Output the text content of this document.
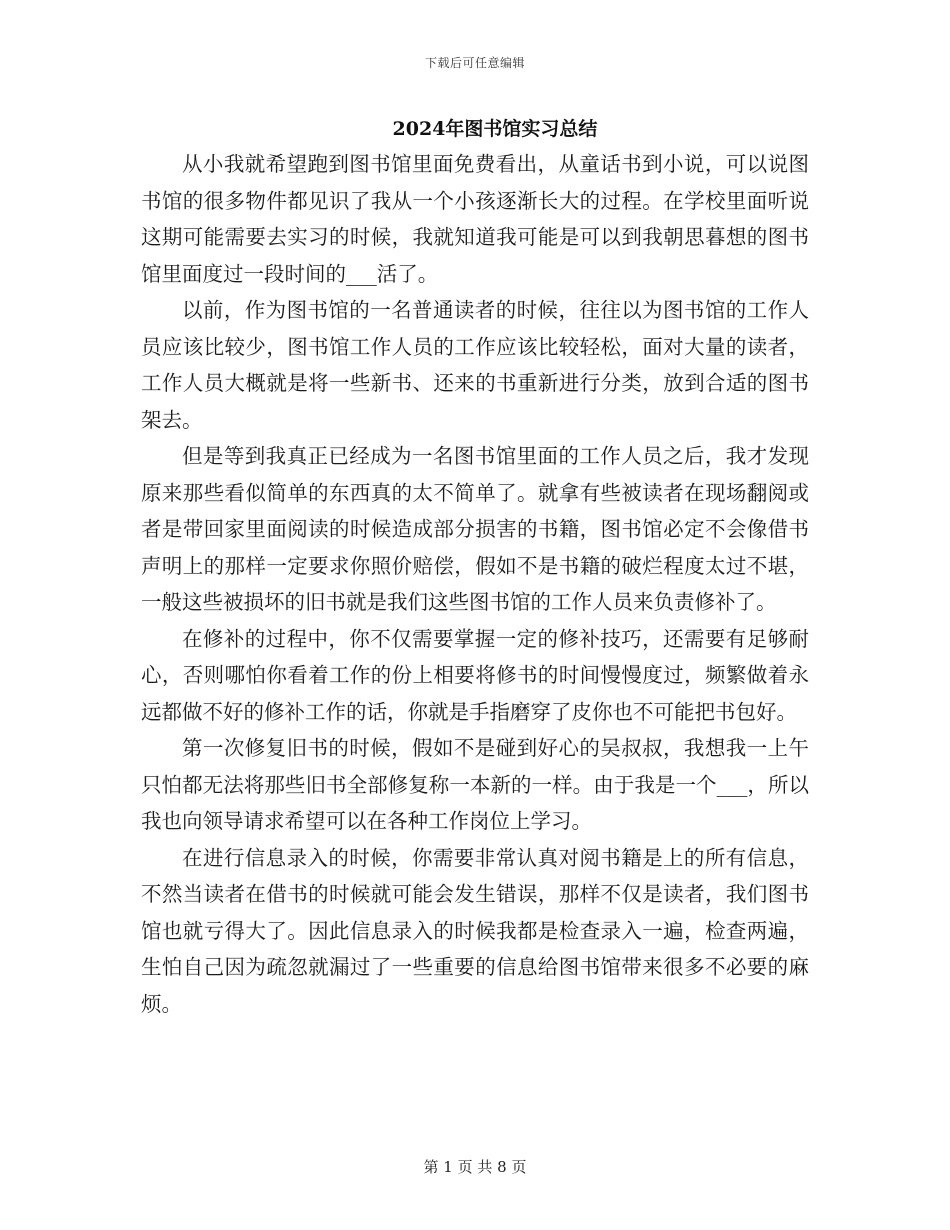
下载后可任意编辑
2024年图书馆实习总结

从小我就希望跑到图书馆里面免费看出，从童话书到小说，可以说图书馆的很多物件都见识了我从一个小孩逐渐长大的过程。在学校里面听说这期可能需要去实习的时候，我就知道我可能是可以到我朝思暮想的图书馆里面度过一段时间的___活了。

以前，作为图书馆的一名普通读者的时候，往往以为图书馆的工作人员应该比较少，图书馆工作人员的工作应该比较轻松，面对大量的读者，工作人员大概就是将一些新书、还来的书重新进行分类，放到合适的图书架去。

但是等到我真正已经成为一名图书馆里面的工作人员之后，我才发现原来那些看似简单的东西真的太不简单了。就拿有些被读者在现场翻阅或者是带回家里面阅读的时候造成部分损害的书籍，图书馆必定不会像借书声明上的那样一定要求你照价赔偿，假如不是书籍的破烂程度太过不堪，一般这些被损坏的旧书就是我们这些图书馆的工作人员来负责修补了。

在修补的过程中，你不仅需要掌握一定的修补技巧，还需要有足够耐心，否则哪怕你看着工作的份上相要将修书的时间慢慢度过，频繁做着永远都做不好的修补工作的话，你就是手指磨穿了皮你也不可能把书包好。

第一次修复旧书的时候，假如不是碰到好心的吴叔叔，我想我一上午只怕都无法将那些旧书全部修复称一本新的一样。由于我是一个___，所以我也向领导请求希望可以在各种工作岗位上学习。

在进行信息录入的时候，你需要非常认真对阅书籍是上的所有信息，不然当读者在借书的时候就可能会发生错误，那样不仅是读者，我们图书馆也就亏得大了。因此信息录入的时候我都是检查录入一遍，检查两遍，生怕自己因为疏忽就漏过了一些重要的信息给图书馆带来很多不必要的麻烦。

第 1 页 共 8 页
